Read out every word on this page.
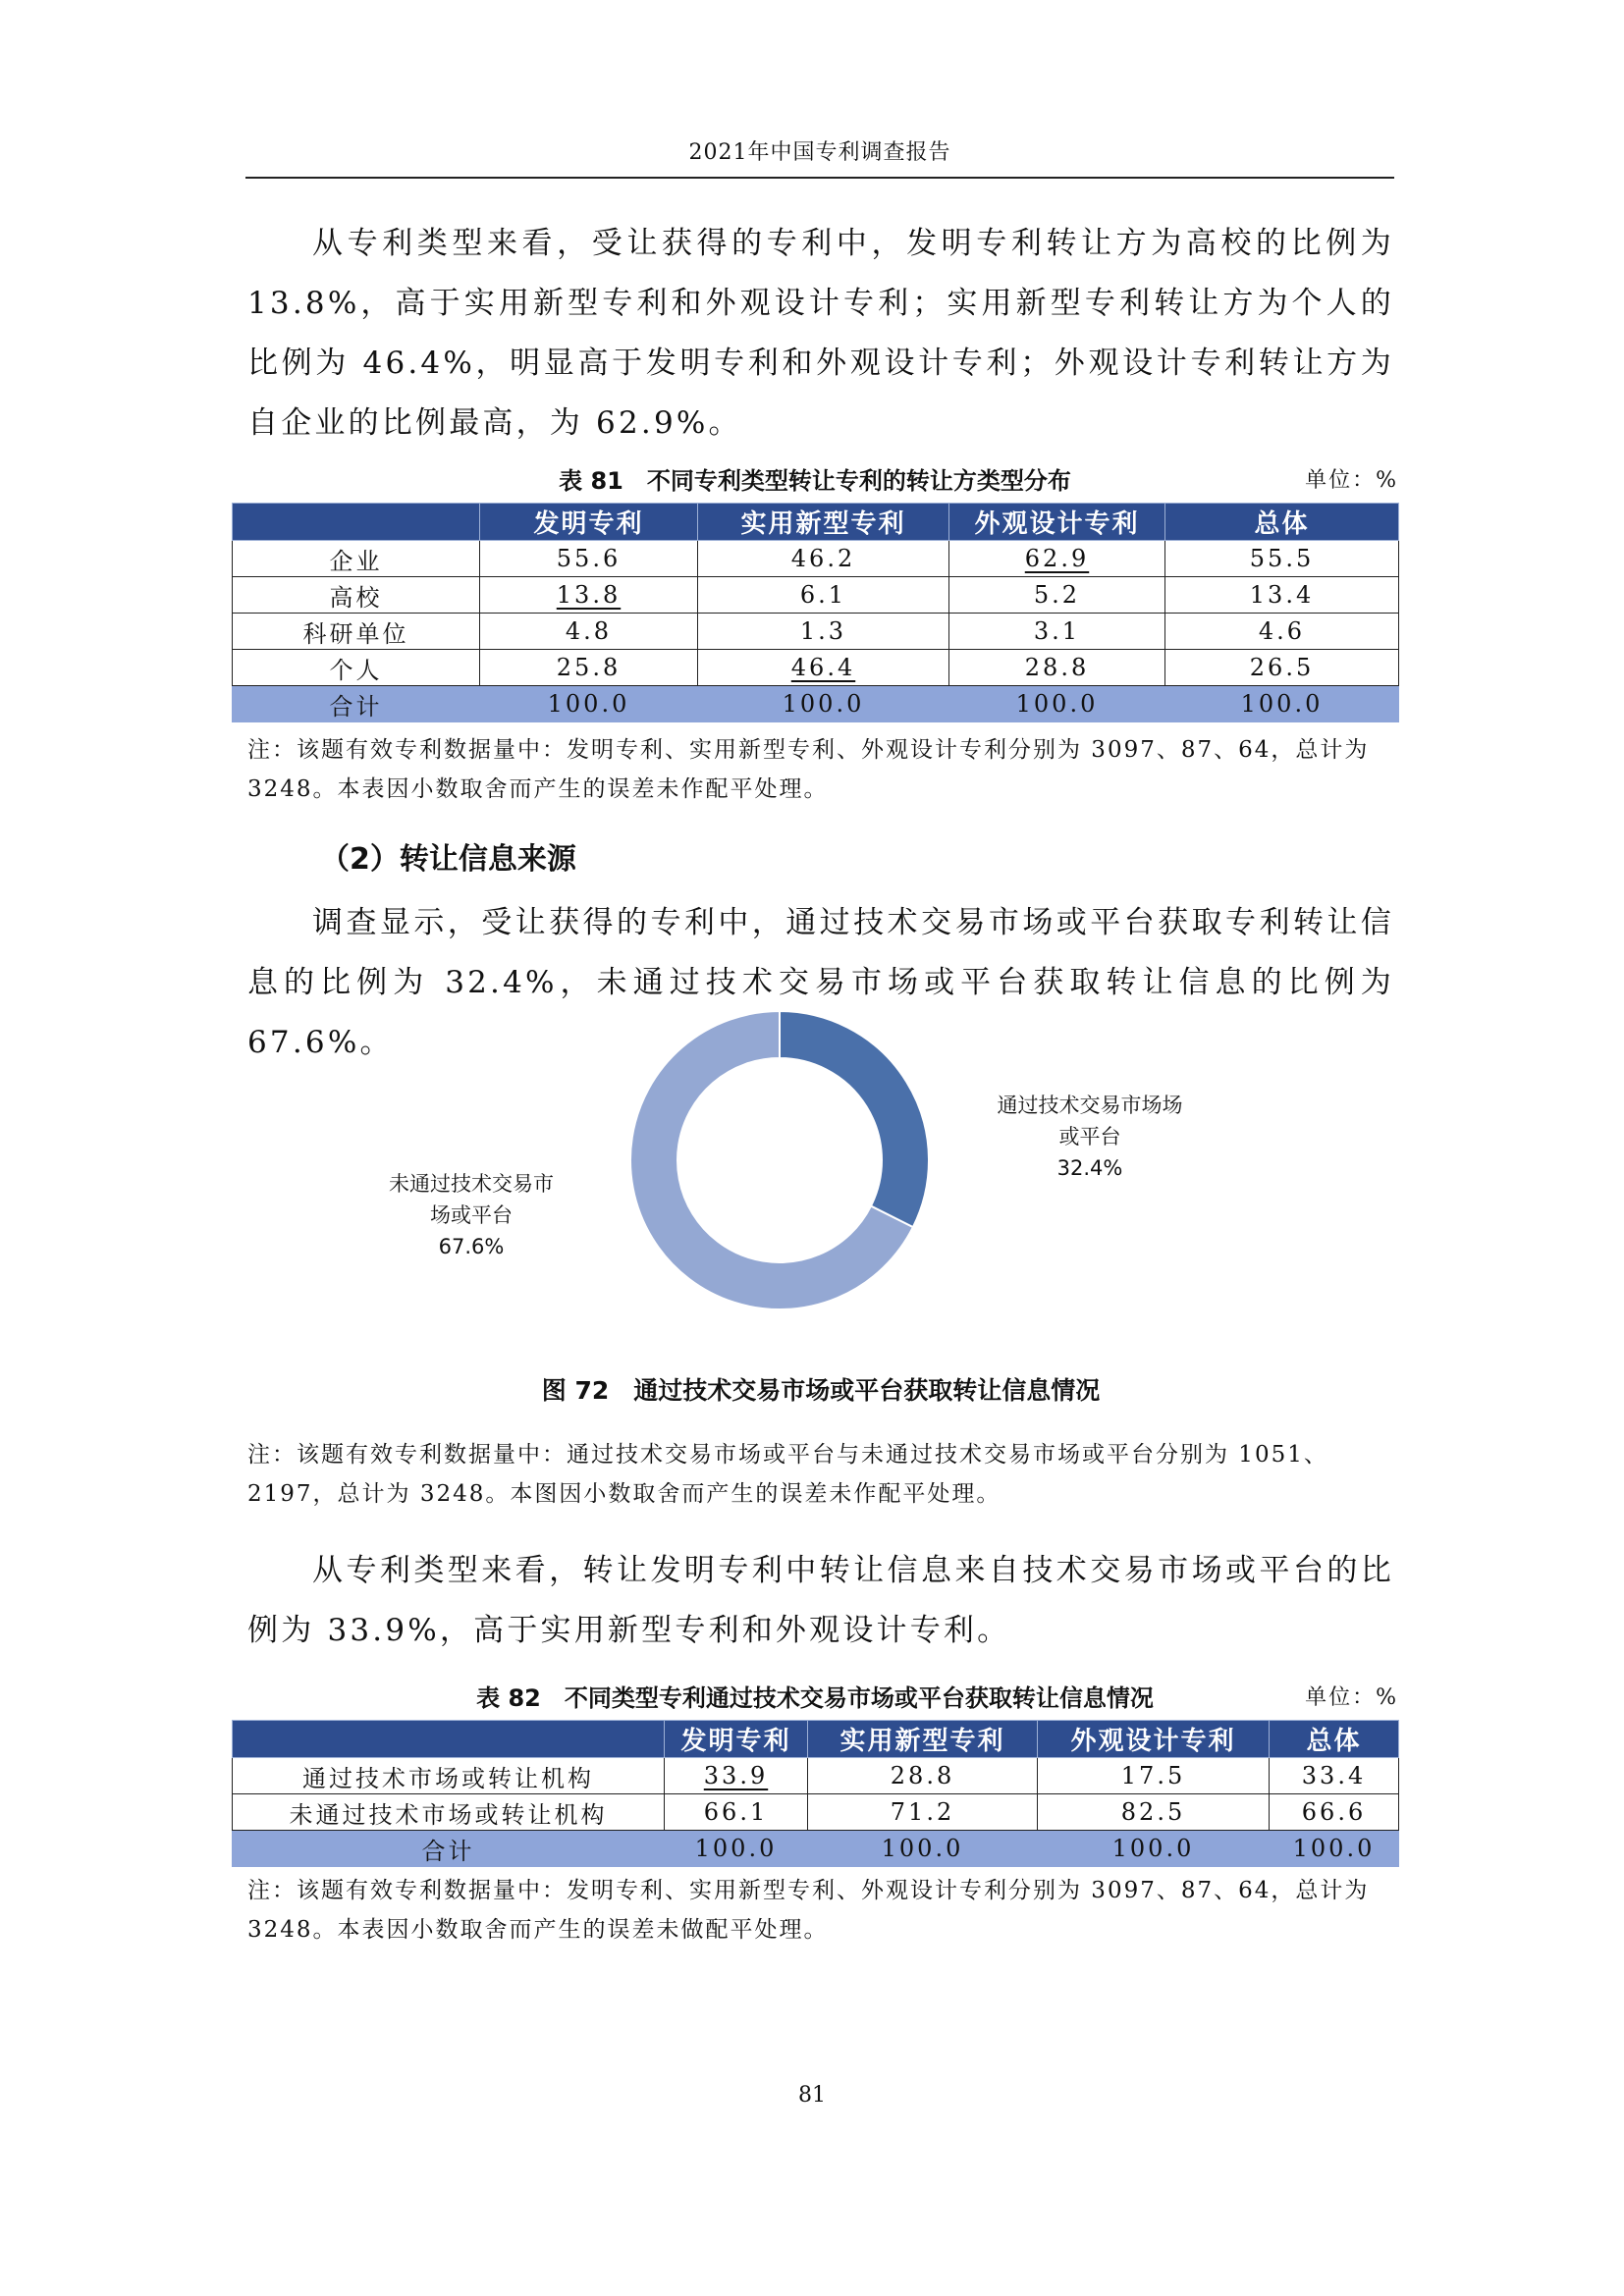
2021年中国专利调查报告
从专利类型来看，受让获得的专利中，发明专利转让方为高校的比例为13.8%，高于实用新型专利和外观设计专利；实用新型专利转让方为个人的比例为 46.4%，明显高于发明专利和外观设计专利；外观设计专利转让方为自企业的比例最高，为 62.9%。
表 81　不同专利类型转让专利的转让方类型分布	单位：%
	发明专利	实用新型专利	外观设计专利	总体
企业	55.6	46.2	62.9	55.5
高校	13.8	6.1	5.2	13.4
科研单位	4.8	1.3	3.1	4.6
个人	25.8	46.4	28.8	26.5
合计	100.0	100.0	100.0	100.0
注：该题有效专利数据量中：发明专利、实用新型专利、外观设计专利分别为 3097、87、64，总计为 3248。本表因小数取舍而产生的误差未作配平处理。
（2）转让信息来源
调查显示，受让获得的专利中，通过技术交易市场或平台获取专利转让信息的比例为 32.4%，未通过技术交易市场或平台获取转让信息的比例为 67.6%。
通过技术交易市场场
或平台
32.4%
未通过技术交易市
场或平台
67.6%
图 72　通过技术交易市场或平台获取转让信息情况
注：该题有效专利数据量中：通过技术交易市场或平台与未通过技术交易市场或平台分别为 1051、2197，总计为 3248。本图因小数取舍而产生的误差未作配平处理。
从专利类型来看，转让发明专利中转让信息来自技术交易市场或平台的比例为 33.9%，高于实用新型专利和外观设计专利。
表 82　不同类型专利通过技术交易市场或平台获取转让信息情况	单位：%
	发明专利	实用新型专利	外观设计专利	总体
通过技术市场或转让机构	33.9	28.8	17.5	33.4
未通过技术市场或转让机构	66.1	71.2	82.5	66.6
合计	100.0	100.0	100.0	100.0
注：该题有效专利数据量中：发明专利、实用新型专利、外观设计专利分别为 3097、87、64，总计为 3248。本表因小数取舍而产生的误差未做配平处理。
81
